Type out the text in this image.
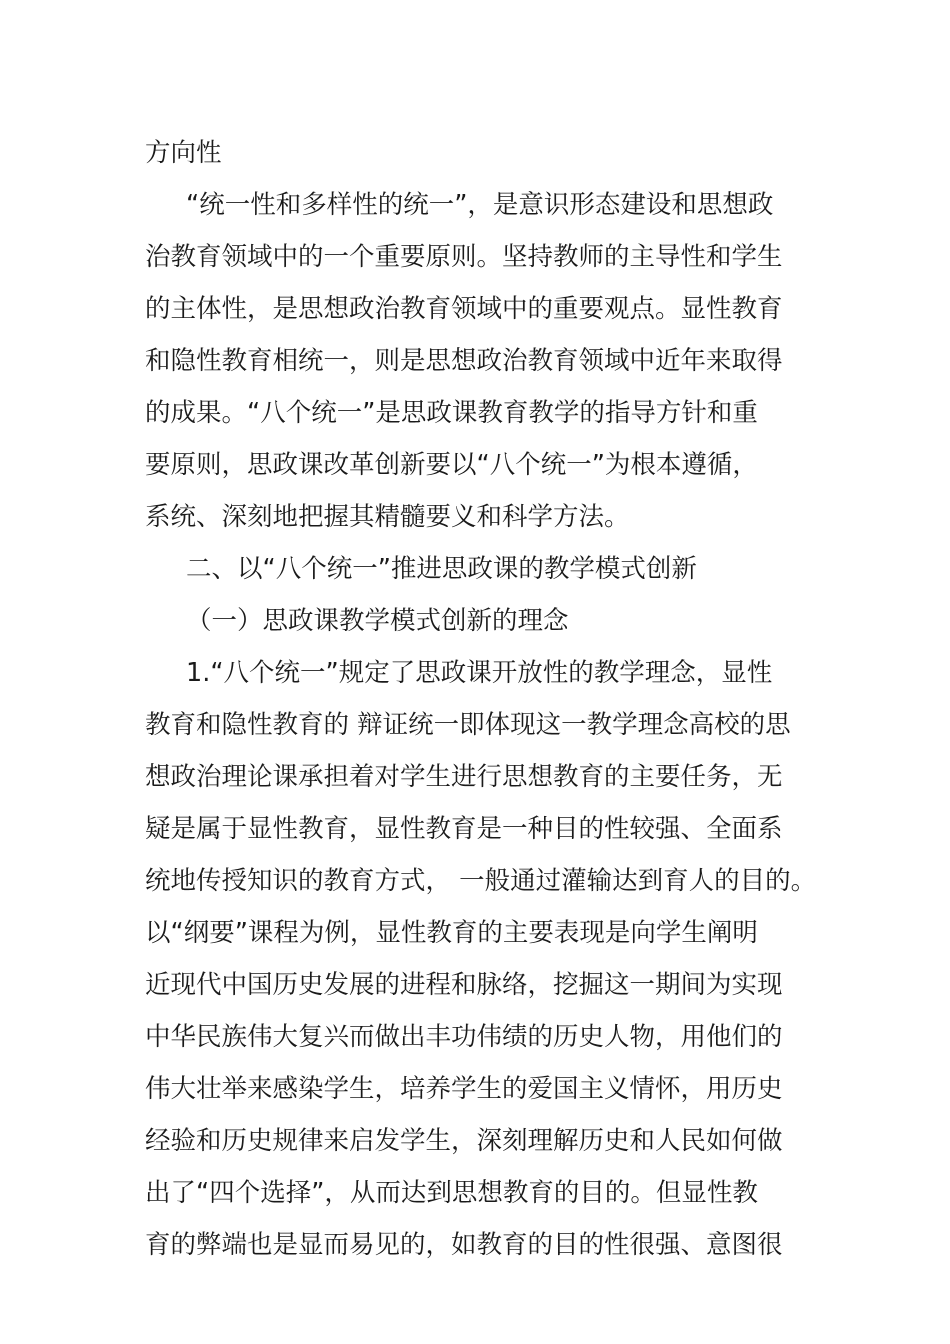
方向性
“统一性和多样性的统一”，是意识形态建设和思想政
治教育领域中的一个重要原则。坚持教师的主导性和学生
的主体性，是思想政治教育领域中的重要观点。显性教育
和隐性教育相统一，则是思想政治教育领域中近年来取得
的成果。“八个统一”是思政课教育教学的指导方针和重
要原则，思政课改革创新要以“八个统一”为根本遵循，
系统、深刻地把握其精髓要义和科学方法。
二、以“八个统一”推进思政课的教学模式创新
（一）思政课教学模式创新的理念
1.“八个统一”规定了思政课开放性的教学理念，显性
教育和隐性教育的 辩证统一即体现这一教学理念高校的思
想政治理论课承担着对学生进行思想教育的主要任务，无
疑是属于显性教育，显性教育是一种目的性较强、全面系
统地传授知识的教育方式， 一般通过灌输达到育人的目的。
以“纲要”课程为例，显性教育的主要表现是向学生阐明
近现代中国历史发展的进程和脉络，挖掘这一期间为实现
中华民族伟大复兴而做出丰功伟绩的历史人物，用他们的
伟大壮举来感染学生，培养学生的爱国主义情怀，用历史
经验和历史规律来启发学生，深刻理解历史和人民如何做
出了“四个选择”，从而达到思想教育的目的。但显性教
育的弊端也是显而易见的，如教育的目的性很强、意图很
